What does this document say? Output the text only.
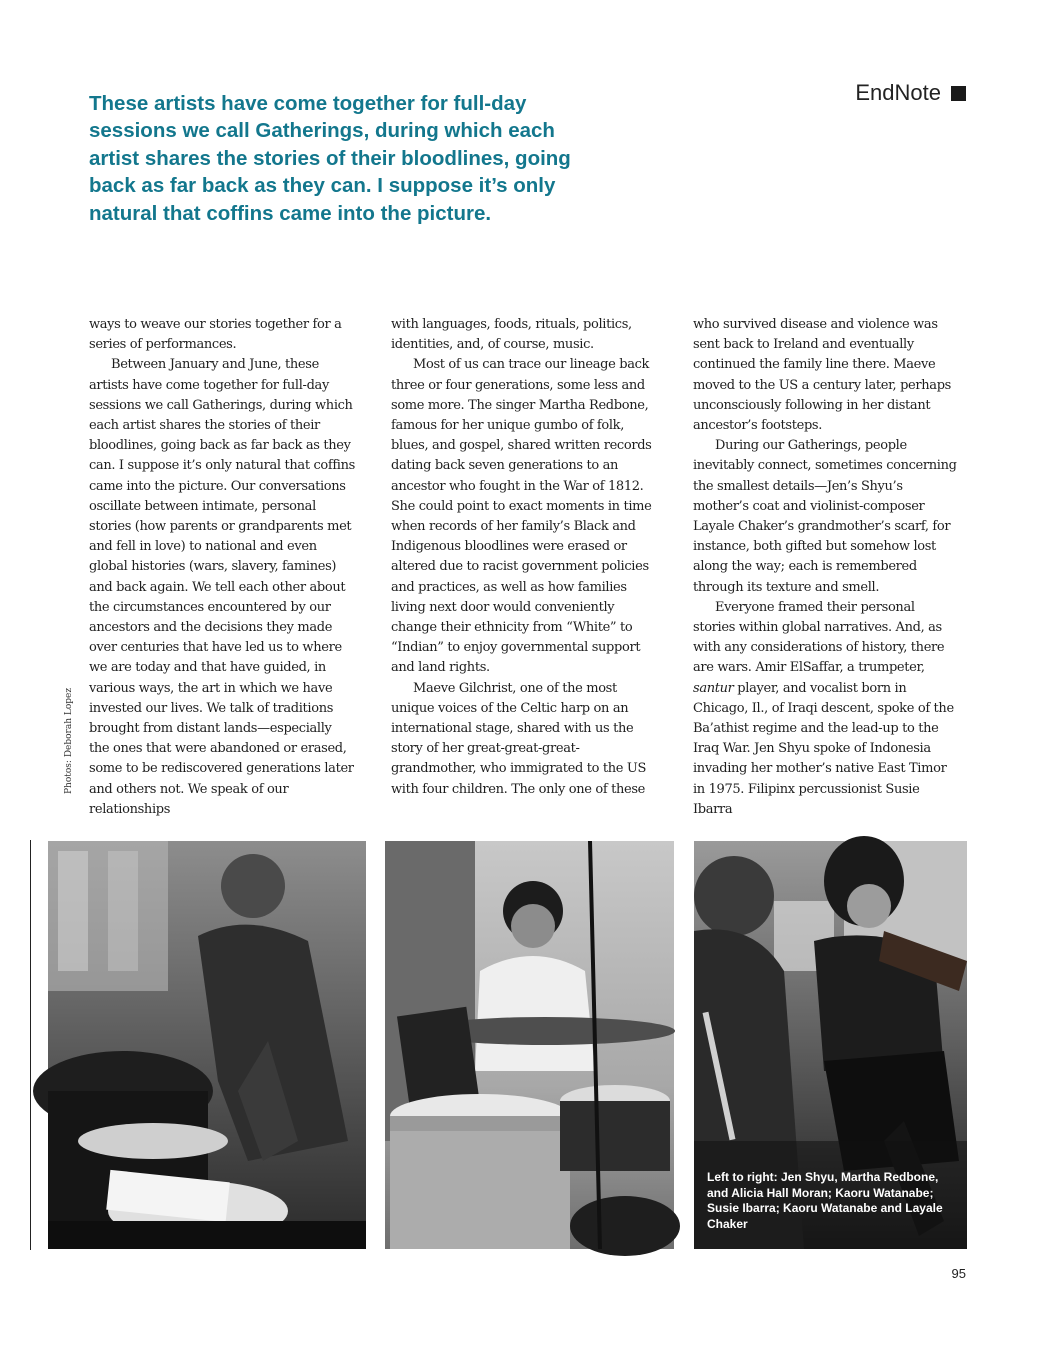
EndNote
These artists have come together for full-day sessions we call Gatherings, during which each artist shares the stories of their bloodlines, going back as far back as they can. I suppose it’s only natural that coffins came into the picture.
Photos: Deborah Lopez

ways to weave our stories together for a series of performances.

Between January and June, these artists have come together for full-day sessions we call Gatherings, during which each artist shares the stories of their bloodlines, going back as far back as they can. I suppose it’s only natural that coffins came into the picture. Our conversations oscillate between intimate, personal stories (how parents or grandparents met and fell in love) to national and even global histories (wars, slavery, famines) and back again. We tell each other about the circumstances encountered by our ancestors and the decisions they made over centuries that have led us to where we are today and that have guided, in various ways, the art in which we have invested our lives. We talk of traditions brought from distant lands—especially the ones that were abandoned or erased, some to be rediscovered generations later and others not. We speak of our relationships

with languages, foods, rituals, politics, identities, and, of course, music.

Most of us can trace our lineage back three or four generations, some less and some more. The singer Martha Redbone, famous for her unique gumbo of folk, blues, and gospel, shared written records dating back seven generations to an ancestor who fought in the War of 1812. She could point to exact moments in time when records of her family’s Black and Indigenous bloodlines were erased or altered due to racist government policies and practices, as well as how families living next door would conveniently change their ethnicity from “White” to “Indian” to enjoy governmental support and land rights.

Maeve Gilchrist, one of the most unique voices of the Celtic harp on an international stage, shared with us the story of her great-great-great-grandmother, who immigrated to the US with four children. The only one of these

who survived disease and violence was sent back to Ireland and eventually continued the family line there. Maeve moved to the US a century later, perhaps unconsciously following in her distant ancestor’s footsteps.

During our Gatherings, people inevitably connect, sometimes concerning the smallest details—Jen’s Shyu’s mother’s coat and violinist-composer Layale Chaker’s grandmother’s scarf, for instance, both gifted but somehow lost along the way; each is remembered through its texture and smell.

Everyone framed their personal stories within global narratives. And, as with any considerations of history, there are wars. Amir ElSaffar, a trumpeter, santur player, and vocalist born in Chicago, Il., of Iraqi descent, spoke of the Ba’athist regime and the lead-up to the Iraq War. Jen Shyu spoke of Indonesia invading her mother’s native East Timor in 1975. Filipinx percussionist Susie Ibarra

Left to right: Jen Shyu, Martha Redbone, and Alicia Hall Moran; Kaoru Watanabe; Susie Ibarra; Kaoru Watanabe and Layale Chaker
95
